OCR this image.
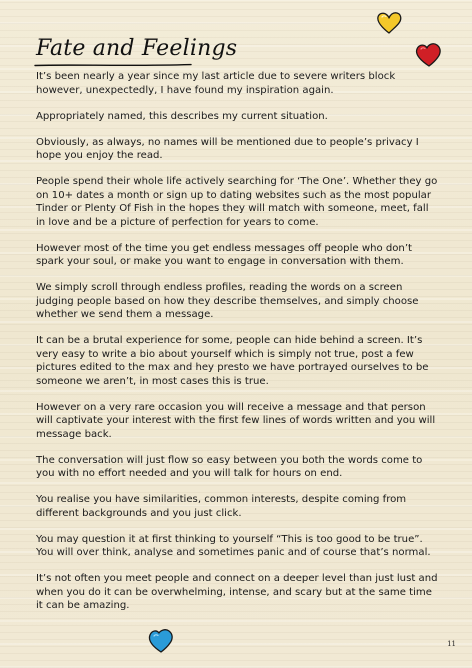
Fate and Feelings

It’s been nearly a year since my last article due to severe writers block however, unexpectedly, I have found my inspiration again.

Appropriately named, this describes my current situation.

Obviously, as always, no names will be mentioned due to people’s privacy I hope you enjoy the read.

People spend their whole life actively searching for ‘The One’. Whether they go on 10+ dates a month or sign up to dating websites such as the most popular Tinder or Plenty Of Fish in the hopes they will match with someone, meet, fall in love and be a picture of perfection for years to come.

However most of the time you get endless messages off people who don’t spark your soul, or make you want to engage in conversation with them.

We simply scroll through endless profiles, reading the words on a screen judging people based on how they describe themselves, and simply choose whether we send them a message.

It can be a brutal experience for some, people can hide behind a screen. It’s very easy to write a bio about yourself which is simply not true, post a few pictures edited to the max and hey presto we have portrayed ourselves to be someone we aren’t, in most cases this is true.

However on a very rare occasion you will receive a message and that person will captivate your interest with the first few lines of words written and you will message back.

The conversation will just flow so easy between you both the words come to you with no effort needed and you will talk for hours on end.

You realise you have similarities, common interests, despite coming from different backgrounds and you just click.

You may question it at first thinking to yourself “This is too good to be true”. You will over think, analyse and sometimes panic and of course that’s normal.

It’s not often you meet people and connect on a deeper level than just lust and when you do it can be overwhelming, intense, and scary but at the same time it can be amazing.

11
